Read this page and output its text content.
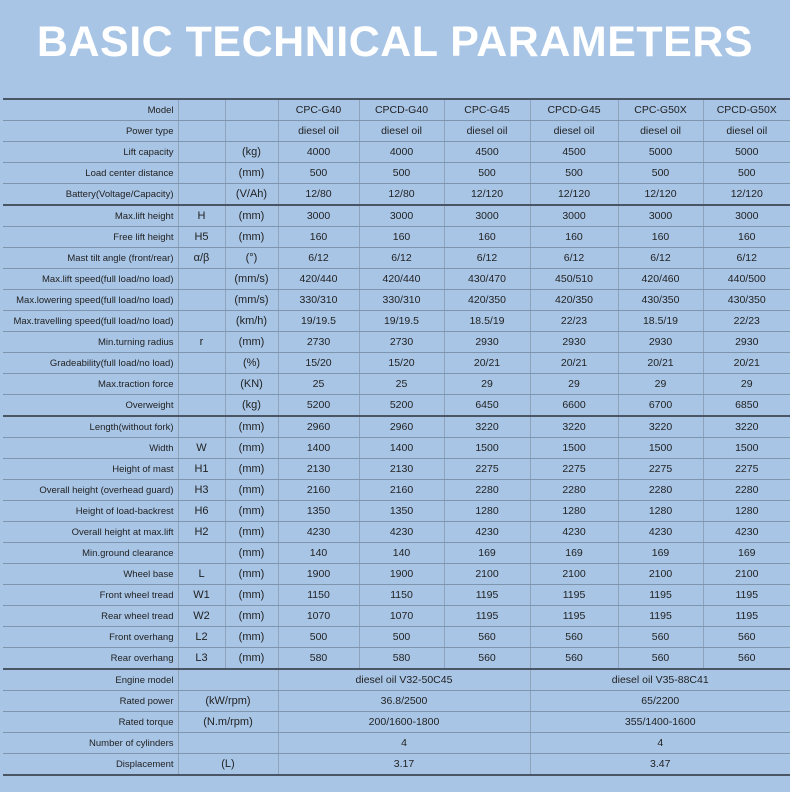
BASIC TECHNICAL PARAMETERS
Model			CPC-G40	CPCD-G40	CPC-G45	CPCD-G45	CPC-G50X	CPCD-G50X
Power type			diesel oil	diesel oil	diesel oil	diesel oil	diesel oil	diesel oil
Lift capacity		(kg)	4000	4000	4500	4500	5000	5000
Load center distance		(mm)	500	500	500	500	500	500
Battery(Voltage/Capacity)		(V/Ah)	12/80	12/80	12/120	12/120	12/120	12/120
Max.lift height	H	(mm)	3000	3000	3000	3000	3000	3000
Free lift height	H5	(mm)	160	160	160	160	160	160
Mast tilt angle (front/rear)	α/β	(°)	6/12	6/12	6/12	6/12	6/12	6/12
Max.lift speed(full load/no load)		(mm/s)	420/440	420/440	430/470	450/510	420/460	440/500
Max.lowering speed(full load/no load)		(mm/s)	330/310	330/310	420/350	420/350	430/350	430/350
Max.travelling speed(full load/no load)		(km/h)	19/19.5	19/19.5	18.5/19	22/23	18.5/19	22/23
Min.turning radius	r	(mm)	2730	2730	2930	2930	2930	2930
Gradeability(full load/no load)		(%)	15/20	15/20	20/21	20/21	20/21	20/21
Max.traction force		(KN)	25	25	29	29	29	29
Overweight		(kg)	5200	5200	6450	6600	6700	6850
Length(without fork)		(mm)	2960	2960	3220	3220	3220	3220
Width	W	(mm)	1400	1400	1500	1500	1500	1500
Height of mast	H1	(mm)	2130	2130	2275	2275	2275	2275
Overall height (overhead guard)	H3	(mm)	2160	2160	2280	2280	2280	2280
Height of load-backrest	H6	(mm)	1350	1350	1280	1280	1280	1280
Overall height at max.lift	H2	(mm)	4230	4230	4230	4230	4230	4230
Min.ground clearance		(mm)	140	140	169	169	169	169
Wheel base	L	(mm)	1900	1900	2100	2100	2100	2100
Front wheel tread	W1	(mm)	1150	1150	1195	1195	1195	1195
Rear wheel tread	W2	(mm)	1070	1070	1195	1195	1195	1195
Front overhang	L2	(mm)	500	500	560	560	560	560
Rear overhang	L3	(mm)	580	580	560	560	560	560
Engine model			diesel oil V32-50C45			diesel oil V35-88C41		
Rated power	(kW/rpm)		36.8/2500			65/2200		
Rated torque	(N.m/rpm)		200/1600-1800			355/1400-1600		
Number of cylinders			4			4		
Displacement	(L)		3.17			3.47		
